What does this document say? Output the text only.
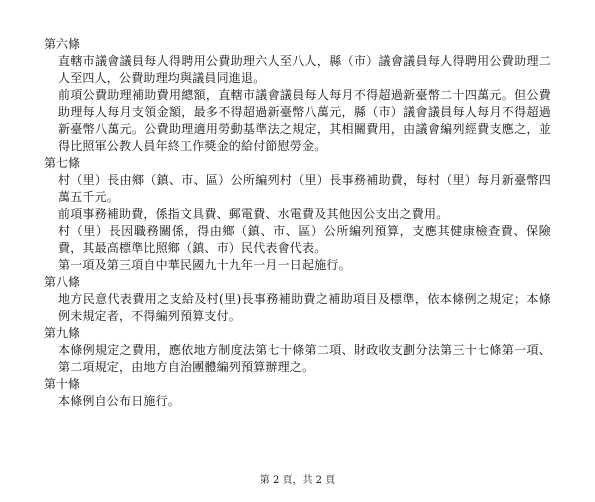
第六條

直轄市議會議員每人得聘用公費助理六人至八人，縣（市）議會議員每人得聘用公費助理二人至四人，公費助理均與議員同進退。

前項公費助理補助費用總額，直轄市議會議員每人每月不得超過新臺幣二十四萬元。但公費助理每人每月支領金額，最多不得超過新臺幣八萬元，縣（市）議會議員每人每月不得超過新臺幣八萬元。公費助理適用勞動基準法之規定，其相關費用，由議會編列經費支應之，並得比照軍公教人員年終工作獎金的給付節慰勞金。

第七條

村（里）長由鄉（鎮、市、區）公所編列村（里）長事務補助費，每村（里）每月新臺幣四萬五千元。

前項事務補助費，係指文具費、郵電費、水電費及其他因公支出之費用。

村（里）長因職務關係，得由鄉（鎮、市、區）公所編列預算，支應其健康檢查費、保險費，其最高標準比照鄉（鎮、市）民代表會代表。

第一項及第三項自中華民國九十九年一月一日起施行。

第八條

地方民意代表費用之支給及村(里)長事務補助費之補助項目及標準，依本條例之規定；本條例未規定者，不得編列預算支付。

第九條

本條例規定之費用，應依地方制度法第七十條第二項、財政收支劃分法第三十七條第一項、第二項規定，由地方自治團體編列預算辦理之。

第十條

本條例自公布日施行。

第 2 頁，共 2 頁
